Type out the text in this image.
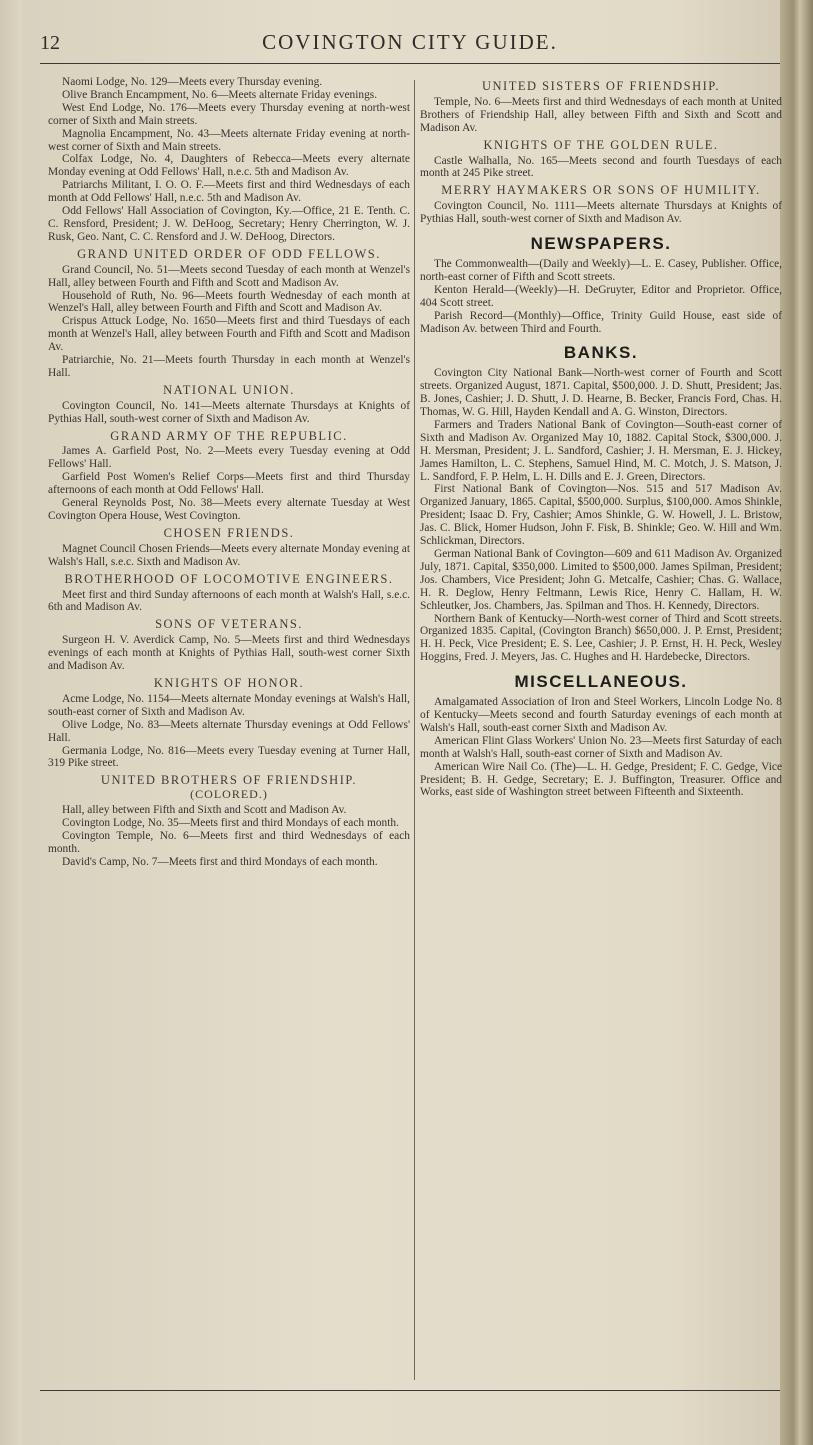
12	COVINGTON CITY GUIDE.
Naomi Lodge, No. 129—Meets every Thursday evening.
Olive Branch Encampment, No. 6—Meets alternate Friday evenings.
West End Lodge, No. 176—Meets every Thursday evening at north-west corner of Sixth and Main streets.
Magnolia Encampment, No. 43—Meets alternate Friday evening at north-west corner of Sixth and Main streets.
Colfax Lodge, No. 4, Daughters of Rebecca—Meets every alternate Monday evening at Odd Fellows' Hall, n.e.c. 5th and Madison Av.
Patriarchs Militant, I. O. O. F.—Meets first and third Wednesdays of each month at Odd Fellows' Hall, n.e.c. 5th and Madison Av.
Odd Fellows' Hall Association of Covington, Ky.—Office, 21 E. Tenth. C. C. Rensford, President; J. W. DeHoog, Secretary; Henry Cherrington, W. J. Rusk, Geo. Nant, C. C. Rensford and J. W. DeHoog, Directors.
GRAND UNITED ORDER OF ODD FELLOWS.
Grand Council, No. 51—Meets second Tuesday of each month at Wenzel's Hall, alley between Fourth and Fifth and Scott and Madison Av.
Household of Ruth, No. 96—Meets fourth Wednesday of each month at Wenzel's Hall, alley between Fourth and Fifth and Scott and Madison Av.
Crispus Attuck Lodge, No. 1650—Meets first and third Tuesdays of each month at Wenzel's Hall, alley between Fourth and Fifth and Scott and Madison Av.
Patriarchie, No. 21—Meets fourth Thursday in each month at Wenzel's Hall.
NATIONAL UNION.
Covington Council, No. 141—Meets alternate Thursdays at Knights of Pythias Hall, south-west corner of Sixth and Madison Av.
GRAND ARMY OF THE REPUBLIC.
James A. Garfield Post, No. 2—Meets every Tuesday evening at Odd Fellows' Hall.
Garfield Post Women's Relief Corps—Meets first and third Thursday afternoons of each month at Odd Fellows' Hall.
General Reynolds Post, No. 38—Meets every alternate Tuesday at West Covington Opera House, West Covington.
CHOSEN FRIENDS.
Magnet Council Chosen Friends—Meets every alternate Monday evening at Walsh's Hall, s.e.c. Sixth and Madison Av.
BROTHERHOOD OF LOCOMOTIVE ENGINEERS.
Meet first and third Sunday afternoons of each month at Walsh's Hall, s.e.c. 6th and Madison Av.
SONS OF VETERANS.
Surgeon H. V. Averdick Camp, No. 5—Meets first and third Wednesdays evenings of each month at Knights of Pythias Hall, south-west corner Sixth and Madison Av.
KNIGHTS OF HONOR.
Acme Lodge, No. 1154—Meets alternate Monday evenings at Walsh's Hall, south-east corner of Sixth and Madison Av.
Olive Lodge, No. 83—Meets alternate Thursday evenings at Odd Fellows' Hall.
Germania Lodge, No. 816—Meets every Tuesday evening at Turner Hall, 319 Pike street.
UNITED BROTHERS OF FRIENDSHIP.
(COLORED.)
Hall, alley between Fifth and Sixth and Scott and Madison Av.
Covington Lodge, No. 35—Meets first and third Mondays of each month.
Covington Temple, No. 6—Meets first and third Wednesdays of each month.
David's Camp, No. 7—Meets first and third Mondays of each month.
UNITED SISTERS OF FRIENDSHIP.
Temple, No. 6—Meets first and third Wednesdays of each month at United Brothers of Friendship Hall, alley between Fifth and Sixth and Scott and Madison Av.
KNIGHTS OF THE GOLDEN RULE.
Castle Walhalla, No. 165—Meets second and fourth Tuesdays of each month at 245 Pike street.
MERRY HAYMAKERS OR SONS OF HUMILITY.
Covington Council, No. 1111—Meets alternate Thursdays at Knights of Pythias Hall, south-west corner of Sixth and Madison Av.
NEWSPAPERS.
The Commonwealth—(Daily and Weekly)—L. E. Casey, Publisher. Office, north-east corner of Fifth and Scott streets.
Kenton Herald—(Weekly)—H. DeGruyter, Editor and Proprietor. Office, 404 Scott street.
Parish Record—(Monthly)—Office, Trinity Guild House, east side of Madison Av. between Third and Fourth.
BANKS.
Covington City National Bank—North-west corner of Fourth and Scott streets. Organized August, 1871. Capital, $500,000. J. D. Shutt, President; Jas. B. Jones, Cashier; J. D. Shutt, J. D. Hearne, B. Becker, Francis Ford, Chas. H. Thomas, W. G. Hill, Hayden Kendall and A. G. Winston, Directors.
Farmers and Traders National Bank of Covington—South-east corner of Sixth and Madison Av. Organized May 10, 1882. Capital Stock, $300,000. J. H. Mersman, President; J. L. Sandford, Cashier; J. H. Mersman, E. J. Hickey, James Hamilton, L. C. Stephens, Samuel Hind, M. C. Motch, J. S. Matson, J. L. Sandford, F. P. Helm, L. H. Dills and E. J. Green, Directors.
First National Bank of Covington—Nos. 515 and 517 Madison Av. Organized January, 1865. Capital, $500,000. Surplus, $100,000. Amos Shinkle, President; Isaac D. Fry, Cashier; Amos Shinkle, G. W. Howell, J. L. Bristow, Jas. C. Blick, Homer Hudson, John F. Fisk, B. Shinkle; Geo. W. Hill and Wm. Schlickman, Directors.
German National Bank of Covington—609 and 611 Madison Av. Organized July, 1871. Capital, $350,000. Limited to $500,000. James Spilman, President; Jos. Chambers, Vice President; John G. Metcalfe, Cashier; Chas. G. Wallace, H. R. Deglow, Henry Feltmann, Lewis Rice, Henry C. Hallam, H. W. Schleutker, Jos. Chambers, Jas. Spilman and Thos. H. Kennedy, Directors.
Northern Bank of Kentucky—North-west corner of Third and Scott streets. Organized 1835. Capital, (Covington Branch) $650,000. J. P. Ernst, President; H. H. Peck, Vice President; E. S. Lee, Cashier; J. P. Ernst, H. H. Peck, Wesley Hoggins, Fred. J. Meyers, Jas. C. Hughes and H. Hardebecke, Directors.
MISCELLANEOUS.
Amalgamated Association of Iron and Steel Workers, Lincoln Lodge No. 8 of Kentucky—Meets second and fourth Saturday evenings of each month at Walsh's Hall, south-east corner Sixth and Madison Av.
American Flint Glass Workers' Union No. 23—Meets first Saturday of each month at Walsh's Hall, south-east corner of Sixth and Madison Av.
American Wire Nail Co. (The)—L. H. Gedge, President; F. C. Gedge, Vice President; B. H. Gedge, Secretary; E. J. Buffington, Treasurer. Office and Works, east side of Washington street between Fifteenth and Sixteenth.
